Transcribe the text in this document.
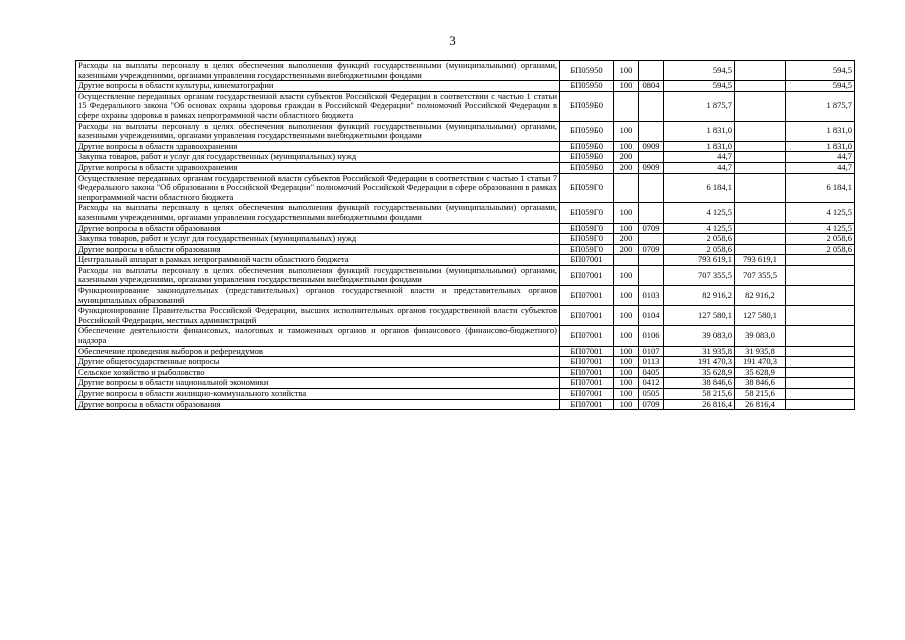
3
Расходы на выплаты персоналу в целях обеспечения выполнения функций государственными (муниципальными) органами, казенными учреждениями, органами управления государственными внебюджетными фондами	БП05950	100		594,5		594,5
Другие вопросы в области культуры, кинематографии	БП05950	100	0804	594,5		594,5
Осуществление переданных органам государственной власти субъектов Российской Федерации в соответствии с частью 1 статьи 15 Федерального закона "Об основах охраны здоровья граждан в Российской Федерации" полномочий Российской Федерации в сфере охраны здоровья в рамках непрограммной части областного бюджета	БП059Б0			1 875,7		1 875,7
Расходы на выплаты персоналу в целях обеспечения выполнения функций государственными (муниципальными) органами, казенными учреждениями, органами управления государственными внебюджетными фондами	БП059Б0	100		1 831,0		1 831,0
Другие вопросы в области здравоохранения	БП059Б0	100	0909	1 831,0		1 831,0
Закупка товаров, работ и услуг для государственных (муниципальных) нужд	БП059Б0	200		44,7		44,7
Другие вопросы в области здравоохранения	БП059Б0	200	0909	44,7		44,7
Осуществление переданных органам государственной власти субъектов Российской Федерации в соответствии с частью 1 статьи 7 Федерального закона "Об образовании в Российской Федерации" полномочий Российской Федерации в сфере образования в рамках непрограммной части областного бюджета	БП059Г0			6 184,1		6 184,1
Расходы на выплаты персоналу в целях обеспечения выполнения функций государственными (муниципальными) органами, казенными учреждениями, органами управления государственными внебюджетными фондами	БП059Г0	100		4 125,5		4 125,5
Другие вопросы в области образования	БП059Г0	100	0709	4 125,5		4 125,5
Закупка товаров, работ и услуг для государственных (муниципальных) нужд	БП059Г0	200		2 058,6		2 058,6
Другие вопросы в области образования	БП059Г0	200	0709	2 058,6		2 058,6
Центральный аппарат в рамках непрограммной части областного бюджета	БП07001			793 619,1	793 619,1	
Расходы на выплаты персоналу в целях обеспечения выполнения функций государственными (муниципальными) органами, казенными учреждениями, органами управления государственными внебюджетными фондами	БП07001	100		707 355,5	707 355,5	
Функционирование законодательных (представительных) органов государственной власти и представительных органов муниципальных образований	БП07001	100	0103	82 916,2	82 916,2	
Функционирование Правительства Российской Федерации, высших исполнительных органов государственной власти субъектов Российской Федерации, местных администраций	БП07001	100	0104	127 580,1	127 580,1	
Обеспечение деятельности финансовых, налоговых и таможенных органов и органов финансового (финансово-бюджетного) надзора	БП07001	100	0106	39 083,0	39 083,0	
Обеспечение проведения выборов и референдумов	БП07001	100	0107	31 935,8	31 935,8	
Другие общегосударственные вопросы	БП07001	100	0113	191 470,3	191 470,3	
Сельское хозяйство и рыболовство	БП07001	100	0405	35 628,9	35 628,9	
Другие вопросы в области национальной экономики	БП07001	100	0412	38 846,6	38 846,6	
Другие вопросы в области жилищно-коммунального хозяйства	БП07001	100	0505	58 215,6	58 215,6	
Другие вопросы в области образования	БП07001	100	0709	26 816,4	26 816,4	
